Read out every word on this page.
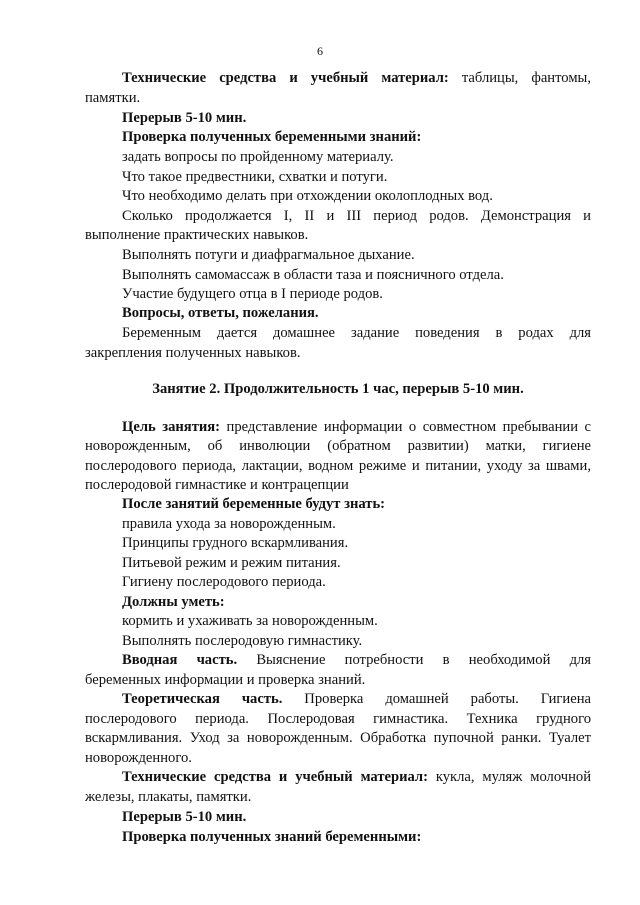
6
Технические средства и учебный материал: таблицы, фантомы,
памятки.
Перерыв 5-10 мин.
Проверка полученных беременными знаний:
задать вопросы по пройденному материалу.
Что такое предвестники, схватки и потуги.
Что необходимо делать при отхождении околоплодных вод.
Сколько продолжается I, II и III период родов. Демонстрация и
выполнение практических навыков.
Выполнять потуги и диафрагмальное дыхание.
Выполнять самомассаж в области таза и поясничного отдела.
Участие будущего отца в I периоде родов.
Вопросы, ответы, пожелания.
Беременным дается домашнее задание поведения в родах для
закрепления полученных навыков.
Занятие 2. Продолжительность 1 час, перерыв 5-10 мин.
Цель занятия: представление информации о совместном пребывании с
новорожденным, об инволюции (обратном развитии) матки, гигиене
послеродового периода, лактации, водном режиме и питании, уходу за швами,
послеродовой гимнастике и контрацепции
После занятий беременные будут знать:
правила ухода за новорожденным.
Принципы грудного вскармливания.
Питьевой режим и режим питания.
Гигиену послеродового периода.
Должны уметь:
кормить и ухаживать за новорожденным.
Выполнять послеродовую гимнастику.
Вводная часть. Выяснение потребности в необходимой для
беременных информации и проверка знаний.
Теоретическая часть. Проверка домашней работы. Гигиена
послеродового периода. Послеродовая гимнастика. Техника грудного
вскармливания. Уход за новорожденным. Обработка пупочной ранки. Туалет
новорожденного.
Технические средства и учебный материал: кукла, муляж молочной
железы, плакаты, памятки.
Перерыв 5-10 мин.
Проверка полученных знаний беременными:
